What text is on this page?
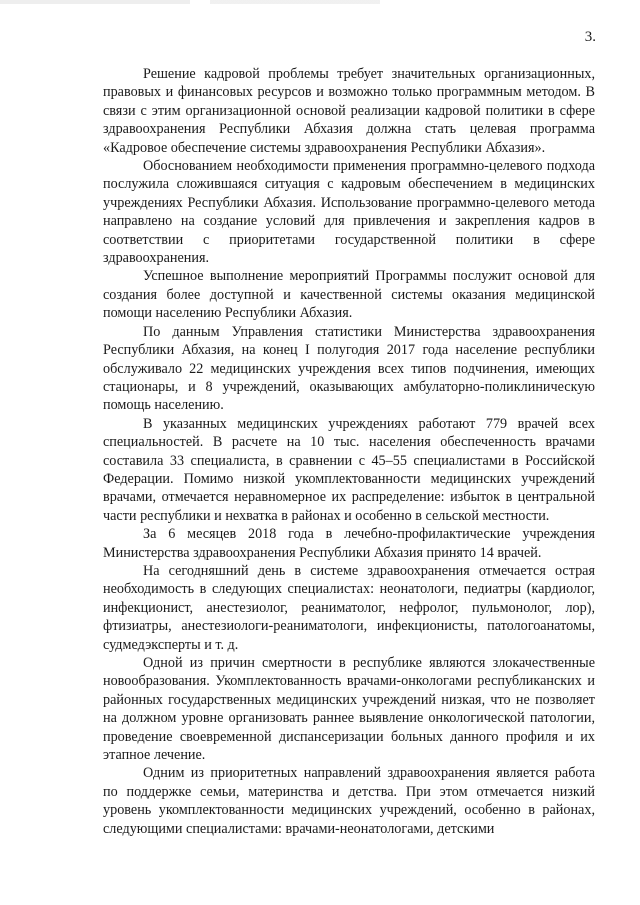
3.

Решение кадровой проблемы требует значительных организационных, правовых и финансовых ресурсов и возможно только программным методом. В связи с этим организационной основой реализации кадровой политики в сфере здравоохранения Республики Абхазия должна стать целевая программа «Кадровое обеспечение системы здравоохранения Республики Абхазия».

Обоснованием необходимости применения программно-целевого подхода послужила сложившаяся ситуация с кадровым обеспечением в медицинских учреждениях Республики Абхазия. Использование программно-целевого метода направлено на создание условий для привлечения и закрепления кадров в соответствии с приоритетами государственной политики в сфере здравоохранения.

Успешное выполнение мероприятий Программы послужит основой для создания более доступной и качественной системы оказания медицинской помощи населению Республики Абхазия.

По данным Управления статистики Министерства здравоохранения Республики Абхазия, на конец I полугодия 2017 года население республики обслуживало 22 медицинских учреждения всех типов подчинения, имеющих стационары, и 8 учреждений, оказывающих амбулаторно-поликлиническую помощь населению.

В указанных медицинских учреждениях работают 779 врачей всех специальностей. В расчете на 10 тыс. населения обеспеченность врачами составила 33 специалиста, в сравнении с 45–55 специалистами в Российской Федерации. Помимо низкой укомплектованности медицинских учреждений врачами, отмечается неравномерное их распределение: избыток в центральной части республики и нехватка в районах и особенно в сельской местности.

За 6 месяцев 2018 года в лечебно-профилактические учреждения Министерства здравоохранения Республики Абхазия принято 14 врачей.

На сегодняшний день в системе здравоохранения отмечается острая необходимость в следующих специалистах: неонатологи, педиатры (кардиолог, инфекционист, анестезиолог, реаниматолог, нефролог, пульмонолог, лор), фтизиатры, анестезиологи-реаниматологи, инфекционисты, патологоанатомы, судмедэксперты и т. д.

Одной из причин смертности в республике являются злокачественные новообразования. Укомплектованность врачами-онкологами республиканских и районных государственных медицинских учреждений низкая, что не позволяет на должном уровне организовать раннее выявление онкологической патологии, проведение своевременной диспансеризации больных данного профиля и их этапное лечение.

Одним из приоритетных направлений здравоохранения является работа по поддержке семьи, материнства и детства. При этом отмечается низкий уровень укомплектованности медицинских учреждений, особенно в районах, следующими специалистами: врачами-неонатологами, детскими
